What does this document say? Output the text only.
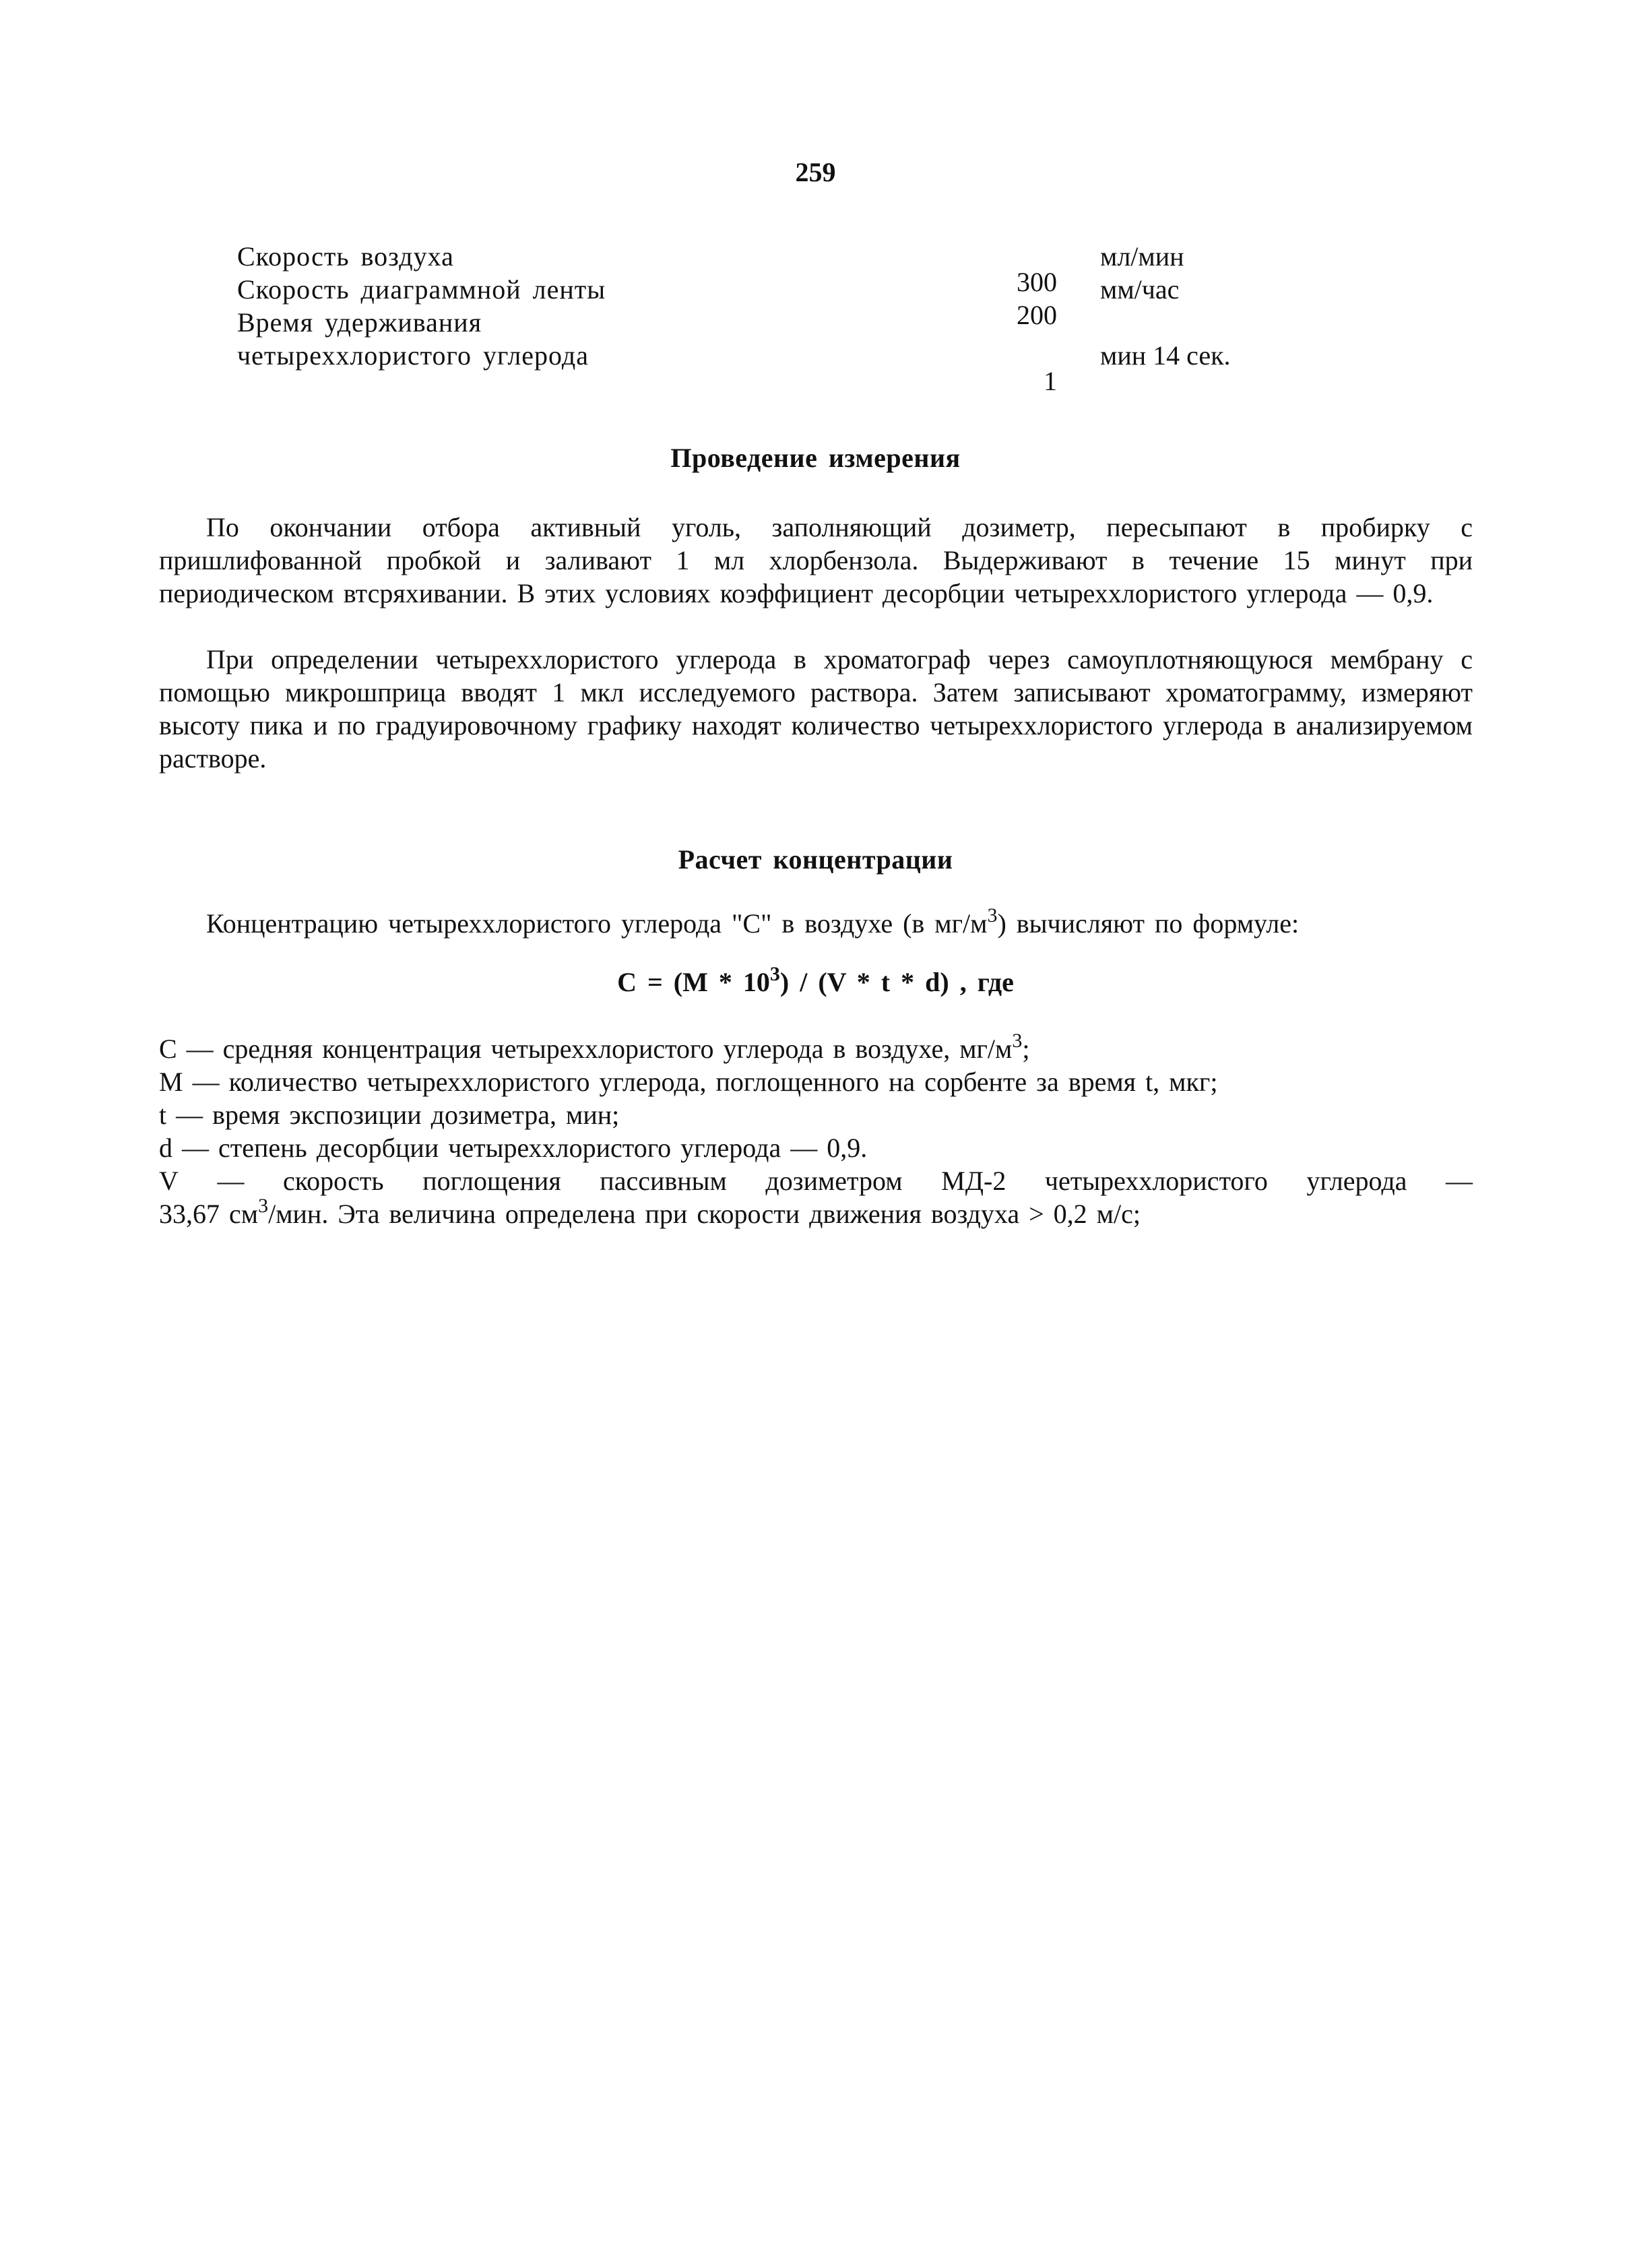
259
Скорость воздуха
300
мл/мин
Скорость диаграммной ленты
200
мм/час
Время удерживания
четыреххлористого углерода
1
мин 14 сек.
Проведение измерения

По окончании отбора активный уголь, заполняющий дозиметр, пересыпают в пробирку с пришлифованной пробкой и заливают 1 мл хлорбензола. Выдерживают в течение 15 минут при периодическом втсряхивании. В этих условиях коэффициент десорбции четыреххлористого углерода — 0,9.

При определении четыреххлористого углерода в хроматограф через самоуплотняющуюся мембрану с помощью микрошприца вводят 1 мкл исследуемого раствора. Затем записывают хроматограмму, измеряют высоту пика и по градуировочному графику находят количество четыреххлористого углерода в анализируемом растворе.

Расчет концентрации
Концентрацию четыреххлористого углерода "С" в воздухе (в $мг/м^3$) вычисляют по формуле:
$С = (М * 10^3) / (V * t * d)$ , где
С — средняя концентрация четыреххлористого углерода в воздухе, $мг/м^3$;
М — количество четыреххлористого углерода, поглощенного на сорбенте за время t, мкг;
t — время экспозиции дозиметра, мин;
d — степень десорбции четыреххлористого углерода — 0,9.
V — скорость поглощения пассивным дозиметром МД-2 четыреххлористого углерода —
33,67 $см^3$/мин. Эта величина определена при скорости движения воздуха > 0,2 м/с;
